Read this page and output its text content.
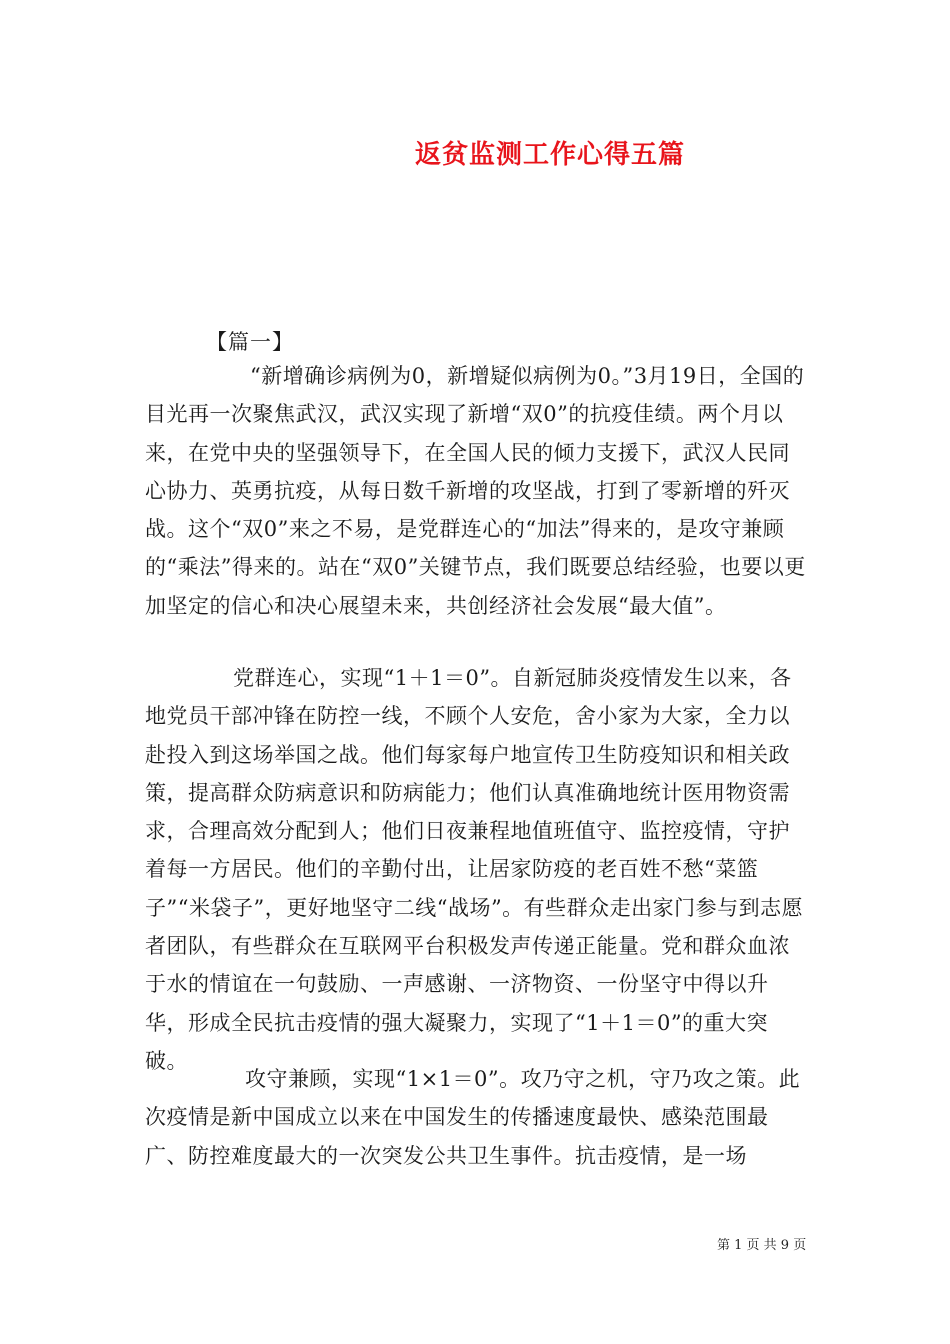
返贫监测工作心得五篇
【篇一】

“新增确诊病例为0，新增疑似病例为0。”3月19日，全国的目光再一次聚焦武汉，武汉实现了新增“双0”的抗疫佳绩。两个月以来，在党中央的坚强领导下，在全国人民的倾力支援下，武汉人民同心协力、英勇抗疫，从每日数千新增的攻坚战，打到了零新增的歼灭战。这个“双0”来之不易，是党群连心的“加法”得来的，是攻守兼顾的“乘法”得来的。站在“双0”关键节点，我们既要总结经验，也要以更加坚定的信心和决心展望未来，共创经济社会发展“最大值”。

党群连心，实现“1＋1＝0”。自新冠肺炎疫情发生以来，各地党员干部冲锋在防控一线，不顾个人安危，舍小家为大家，全力以赴投入到这场举国之战。他们每家每户地宣传卫生防疫知识和相关政策，提高群众防病意识和防病能力；他们认真准确地统计医用物资需求，合理高效分配到人；他们日夜兼程地值班值守、监控疫情，守护着每一方居民。他们的辛勤付出，让居家防疫的老百姓不愁“菜篮子”“米袋子”，更好地坚守二线“战场”。有些群众走出家门参与到志愿者团队，有些群众在互联网平台积极发声传递正能量。党和群众血浓于水的情谊在一句鼓励、一声感谢、一济物资、一份坚守中得以升华，形成全民抗击疫情的强大凝聚力，实现了“1＋1＝0”的重大突破。

攻守兼顾，实现“1×1＝0”。攻乃守之机，守乃攻之策。此次疫情是新中国成立以来在中国发生的传播速度最快、感染范围最广、防控难度最大的一次突发公共卫生事件。抗击疫情，是一场

第 1 页 共 9 页
